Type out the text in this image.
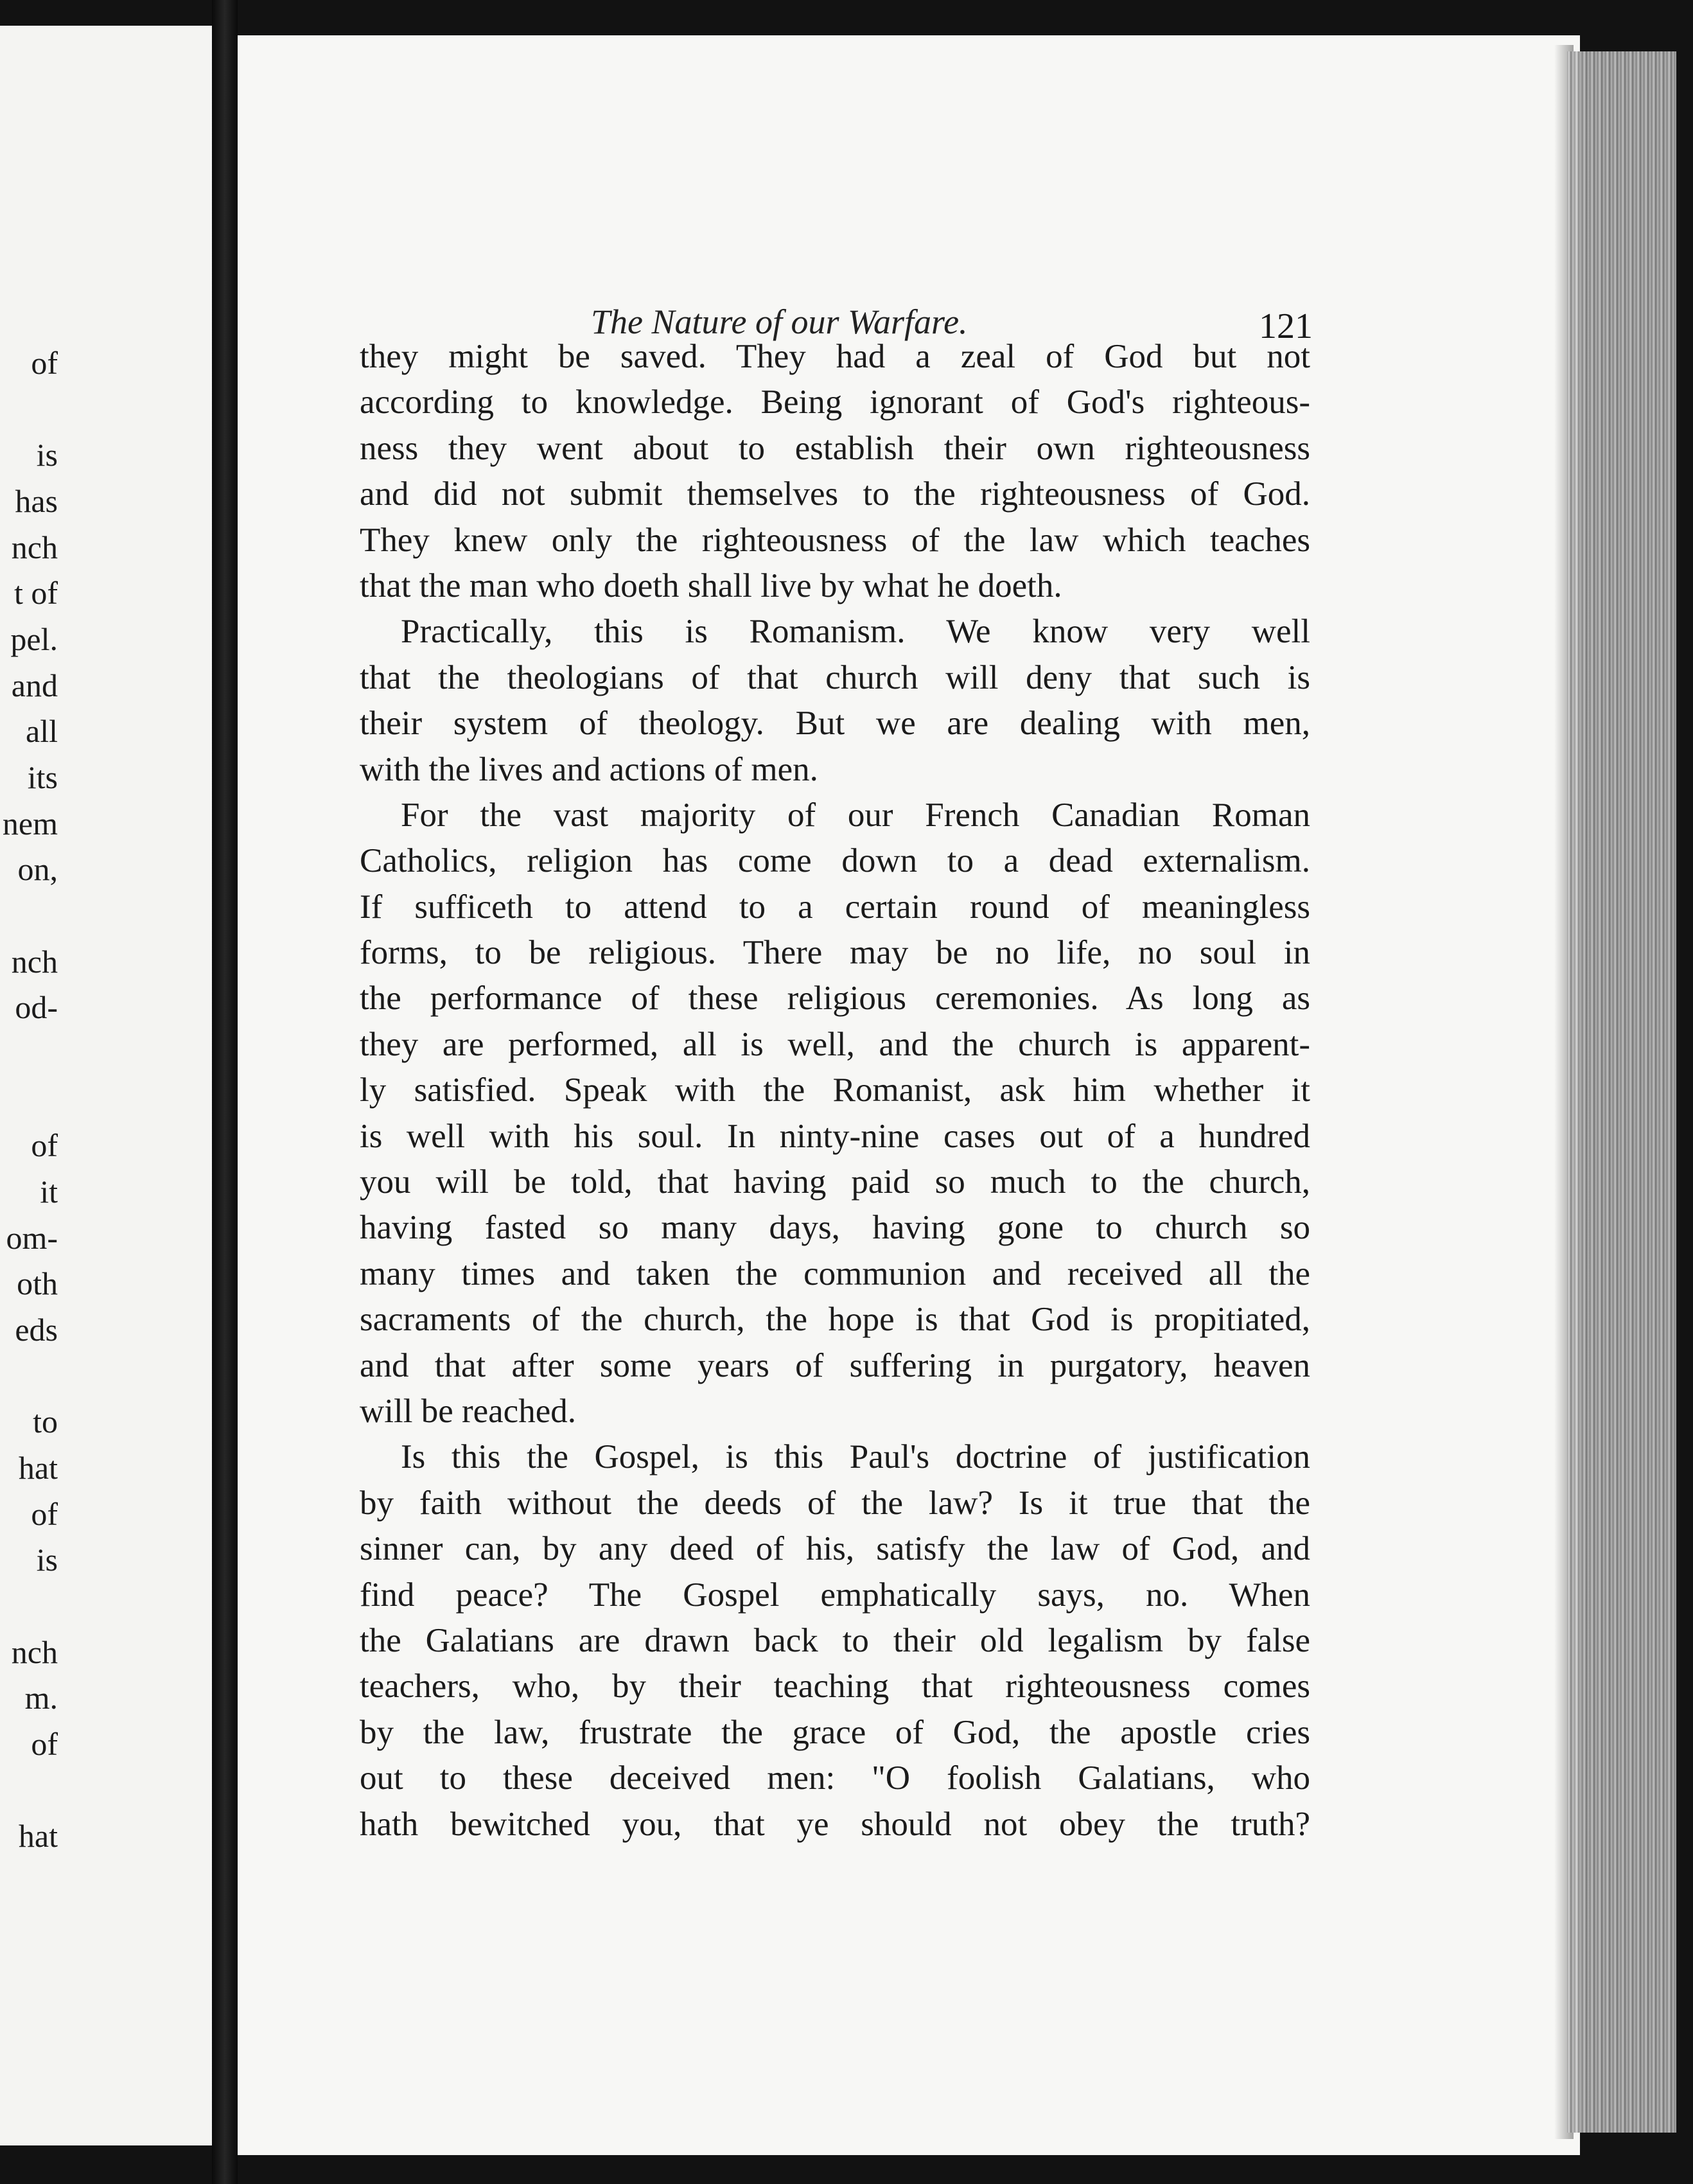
of
is
has
nch
t of
pel.
and
all
its
nem
on,
nch
od-
of
it
om-
oth
eds
to
hat
of
is
nch
m.
of
hat
The Nature of our Warfare.	121
they might be saved. They had a zeal of God but not
according to knowledge. Being ignorant of God's righteous-
ness they went about to establish their own righteousness
and did not submit themselves to the righteousness of God.
They knew only the righteousness of the law which teaches
that the man who doeth shall live by what he doeth.
Practically, this is Romanism. We know very well
that the theologians of that church will deny that such is
their system of theology. But we are dealing with men,
with the lives and actions of men.
For the vast majority of our French Canadian Roman
Catholics, religion has come down to a dead externalism.
If sufficeth to attend to a certain round of meaningless
forms, to be religious. There may be no life, no soul in
the performance of these religious ceremonies. As long as
they are performed, all is well, and the church is apparent-
ly satisfied. Speak with the Romanist, ask him whether it
is well with his soul. In ninty-nine cases out of a hundred
you will be told, that having paid so much to the church,
having fasted so many days, having gone to church so
many times and taken the communion and received all the
sacraments of the church, the hope is that God is propitiated,
and that after some years of suffering in purgatory, heaven
will be reached.
Is this the Gospel, is this Paul's doctrine of justification
by faith without the deeds of the law? Is it true that the
sinner can, by any deed of his, satisfy the law of God, and
find peace? The Gospel emphatically says, no. When
the Galatians are drawn back to their old legalism by false
teachers, who, by their teaching that righteousness comes
by the law, frustrate the grace of God, the apostle cries
out to these deceived men: "O foolish Galatians, who
hath bewitched you, that ye should not obey the truth?
